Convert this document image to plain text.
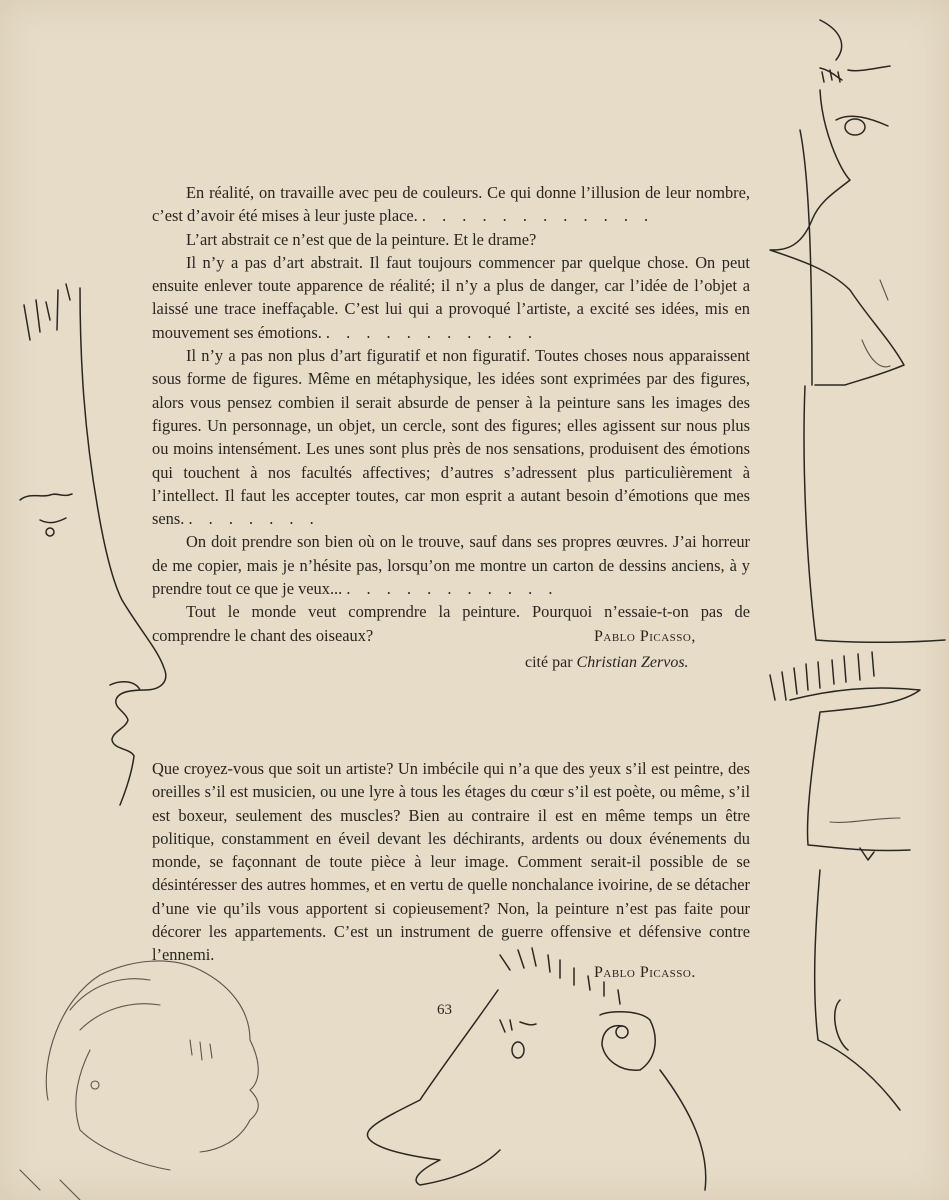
En réalité, on travaille avec peu de couleurs. Ce qui donne l’illusion de leur nombre, c’est d’avoir été mises à leur juste place. . . . . . . . . . . . .

L’art abstrait ce n’est que de la peinture. Et le drame?

Il n’y a pas d’art abstrait. Il faut toujours commencer par quelque chose. On peut ensuite enlever toute apparence de réalité; il n’y a plus de danger, car l’idée de l’objet a laissé une trace ineffaçable. C’est lui qui a provoqué l’artiste, a excité ses idées, mis en mouvement ses émotions. . . . . . . . . . . .

Il n’y a pas non plus d’art figuratif et non figuratif. Toutes choses nous apparaissent sous forme de figures. Même en métaphysique, les idées sont exprimées par des figures, alors vous pensez combien il serait absurde de penser à la peinture sans les images des figures. Un personnage, un objet, un cercle, sont des figures; elles agissent sur nous plus ou moins intensément. Les unes sont plus près de nos sensations, produisent des émotions qui touchent à nos facultés affectives; d’autres s’adressent plus particulièrement à l’intellect. Il faut les accepter toutes, car mon esprit a autant besoin d’émotions que mes sens. . . . . . . .

On doit prendre son bien où on le trouve, sauf dans ses propres œuvres. J’ai horreur de me copier, mais je n’hésite pas, lorsqu’on me montre un carton de dessins anciens, à y prendre tout ce que je veux... . . . . . . . . . . .

Tout le monde veut comprendre la peinture. Pourquoi n’essaie-t-on pas de comprendre le chant des oiseaux?	Pablo Picasso,
cité par Christian Zervos.

Que croyez-vous que soit un artiste? Un imbécile qui n’a que des yeux s’il est peintre, des oreilles s’il est musicien, ou une lyre à tous les étages du cœur s’il est poète, ou même, s’il est boxeur, seulement des muscles? Bien au contraire il est en même temps un être politique, constamment en éveil devant les déchirants, ardents ou doux événements du monde, se façonnant de toute pièce à leur image. Comment serait-il possible de se désintéresser des autres hommes, et en vertu de quelle nonchalance ivoirine, de se détacher d’une vie qu’ils vous apportent si copieusement? Non, la peinture n’est pas faite pour décorer les appartements. C’est un instrument de guerre offensive et défensive contre l’ennemi.

Pablo Picasso.
63
